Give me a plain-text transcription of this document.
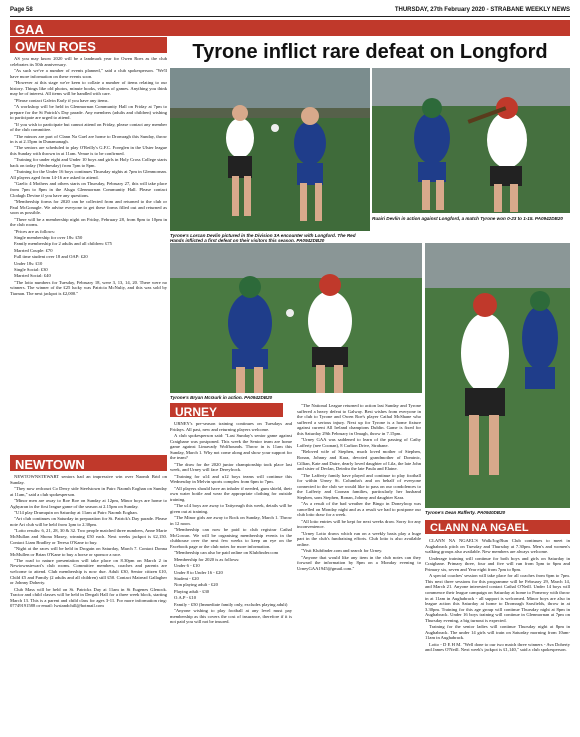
Page 58	THURSDAY, 27th February 2020 - STRABANE WEEKLY NEWS
GAA
OWEN ROES	Tyrone inflict rare defeat on Longford

AS you may know 2020 will be a landmark year for Owen Roes as the club celebrates its 50th anniversary.

"As such we've a number of events planned," said a club spokesperson. "We'll have more information on these events soon.

"However at this stage we're keen to collate a number of items relating to our history. Things like old photos, minute books, videos of games. Anything you think may be of interest. All items will be handled with care.

"Please contact Galvin Early if you have any items.

"A workshop will be held in Glenmornan Community Hall on Friday at 7pm to prepare for the St Patrick's Day parade. Any members (adults and children) wishing to participate are urged to attend.

"If you wish to participate but cannot attend on Friday, please contact any member of the club committee.

"The minors are part of Clann Na Gael are home to Dromragh this Sunday, throw in is at 2.15pm in Dunamanagh.

"The seniors are scheduled to play O'Reilly's G.F.C. Foreglen in the Ulster league this Sunday with thrown in at 11am. Venue is to be confirmed.

"Training for under eight and Under 10 boys and girls in Holy Cross College starts back on today (Wednesday) from 7pm to 8pm.

"Training for the Under 16 boys continues Thursday nights at 7pm in Glenmornan. All players aged from 14-16 are asked to attend.

"Gaelic 4 Mothers and others starts on Thursday, February 27, this will take place from 7pm to 8pm in the Aluga Glenmornan Community Hall. Please contact Clodagh Devine if you have any questions.

"Membership forms for 2020 can be collected from and returned to the club or Paul McGonagle. We advise everyone to get these forms filled out and returned as soon as possible.

"There will be a membership night on Friday, February 28, from 8pm to 10pm in the club rooms.

"Prices are as follows:

Single membership for over 18s: £50

Family membership for 2 adults and all children: £75

Married Couple: £70

Full time student over 18 and OAP: £20

Under 18s: £10

Single Social: £30

Married Social: £40

"The lotto numbers for Tuesday, February 18, were 3, 13, 14, 20. There were no winners. The winner of the £25 lucky was Patricia McNulty, and this was sold by Tiarnan. The next jackpot is £2,000."

NEWTOWN

NEWTOWNSTEWART seniors had an impressive win over Naomh Brid on Sunday.

"They now redcourt Co Derry side Steelstown in Pairc Naomh Eoghan on Sunday at 11am," said a club spokesperson.

"Minor men are away to Roe Roe on Sunday at 12pm, Minor boys are home to Aghyaran in the first league game of the season at 2.15pm on Sunday.

"U14 play Drumquin on Saturday at 11am at Pairc Naomh Eoghan.

"Art club continues on Saturday in preparation for St. Patrick's Day parade. Please note Art club will be held from 1pm to 2.30pm.

"Lotto results: 6, 21, 28, 30 & 32. Two people matched three numbers, Anne Marie McMullan and Shona Maxey, winning £50 each. Next weeks jackpot is £2,150. Contact Liam Bradley or Teresa O'Kane to buy.

"Night at the races will be held in Drogain on Saturday, March 7. Contact Donna McMullen or Brian O'Kane to buy a horse or sponsor a race.

"The road to nature presentation will take place on 8.30pm on March 2 in Newtownstewart's club rooms. Committee members, coaches and parents are welcome to attend. Club membership is now due. Adult £30, Senior citizen £10, Child £5 and Family (2 adults and all children) still £50. Contact Mairead Gallagher or Johnny Doherty.

Club Mass will be held on St. Patricks Day at 11am in St Eugenes Glenock. Tractor and child classes will be held in Dergalt Hall for a three week block, starting March 13. This is a parent and child class for ages 3-11. For more information ring: 07749191588 or email: lwstandchill@hotmail.com

Tyrone's Lorcan Devlin pictured in the Division 3A encounter with Longford. The Red Hands inflicted a first defeat on their visitors this season. PA0942DB20
Ruairi Devlin in action against Longford, a match Tyrone won 0-23 to 1-15. PA0942DB20
Tyrone's Bryan McGurk in action. PA0942DB20
Tyrone's Dean Rafferty. PA0940DB20
URNEY

URNEY's pre-season training continues on Tuesdays and Fridays. All past, new and returning players welcome.

A club spokesperson said: "Last Sunday's senior game against Craigbane was postponed. This week the Senior team are home game against Limavady Wolfhounds. Throw in is 11am this Sunday, March 1. Why not come along and show your support for the team?

"The draw for the 2020 junior championship took place last week, and Urney will face Dereylrock.

"Training for u14 and u12 boys teams will continue this Wednesday in Melvin sports complex from 6pm to 7pm.

"All players should have an inhaler if needed, gum shield, their own water bottle and wear the appropriate clothing for outside training.

"The u14 boys are away to Tattyreagh this week, details will be given out at training.

"The Minor girls are away to Rock on Sunday, March 1. Throw in 12 noon.

"Membership can now be paid to club registrar Cathal McGowan. We will be organising membership events in the clubhouse over the next few weeks to keep an eye on the Facebook page or the club notes for more information.

"Membership can also be paid online on Klubfinder.com

Membership for 2020 is as follows:

Under 6 - £10

Under 8 to Under 16 - £20

Student - £20

Non playing adult - £20

Playing adult - £30

O.A.P - £10

Family - £50 (Immediate family only, excludes playing adult)

"Anyone wishing to play football at any level must pay membership as this covers the cost of insurance, therefore if it is not paid you will not be insured.

"The National League returned to action last Sunday and Tyrone suffered a heavy defeat to Galway. Best wishes from everyone in the club to Tyrone and Owen Roe's player Cathal McShane who suffered a serious injury. Next up for Tyrone is a home fixture against current All Ireland champions Dublin. Game is fixed for this Saturday 29th February in Omagh, throw in 7.15pm.

"Urney GAA was saddened to learn of the passing of Cathy Lafferty (nee Coonan), 8 Carlton Drive, Strabane.

"Beloved wife of Stephen, much loved mother of Stephen, Ronan, Johnny and Kara, devoted grandmother of Dominic, Cillian, Kate and Daire, dearly loved daughter of Lila, the late John and sister of Declan, Deirdra the late Paula and Elaine.

"The Lafferty family have played and continue to play football for within Urney St. Columba's and on behalf of everyone connected to the club we would like to pass on our condolences to the Lafferty and Coonan families, particularly her husband Stephen, sons Stephen, Ronan, Johnny and daughter Kara.

"As a result of the bad weather the Bingo in Doneyloop was cancelled on Monday night and as a result we had to postpone our club lotto draw for a week.

"All lotto entries will be kept for next weeks draw. Sorry for any inconvenience.

"Urney Lotto draws which run on a weekly basis play a huge part in the club's fundraising efforts. Club lotto is also available online.

"Visit Klubfinder.com and search for Urney.

"Anyone that would like any item in the club notes can they forward the information by 8pm on a Monday evening to UrneyGAA1945@gmail.com."

CLANN NA NGAEL

CLANN NA NGAEL'S Walk/Jog/Run Club continues to meet in Aughabrack pitch on Tuesday and Thursday at 7.30pm. Men's and women's walking groups also available. New members are always welcome.

Underage training will continue for both boys and girls on Saturday in Craigbane. Primary three, four and five will run from 5pm to 6pm and Primary six, seven and Year eight from 7pm to 8pm.

A special coaches' session will take place for all coaches from 6pm to 7pm. This next three sessions for this programme will be February 29, March 14, and March 21. Anyone interested contact Cathal O'Neill. Under 14 boys will commence their league campaign on Saturday at home to Pomeroy with throw in at 11am in Aughabrack - all support is welcomed. Minor boys are also in league action this Saturday at home to Dromragh Sarsfields, throw in at 3.30pm. Training for this age group will continue Thursday night at 8pm in Aughabrack. Under 16 boys training will continue in Glenmornan at 7pm on Thursday evening, a big turnout is expected.

Training for the senior ladies will continue Thursday night at 8pm in Aughabrack. The under 14 girls will train on Saturday morning from 10am-11am in Aughabrack.

Lotto - D E H M. "Well done to our two match three winners - Ava Doherty and James O'Neill. Next week's jackpot is £1,140," said a club spokesperson.
